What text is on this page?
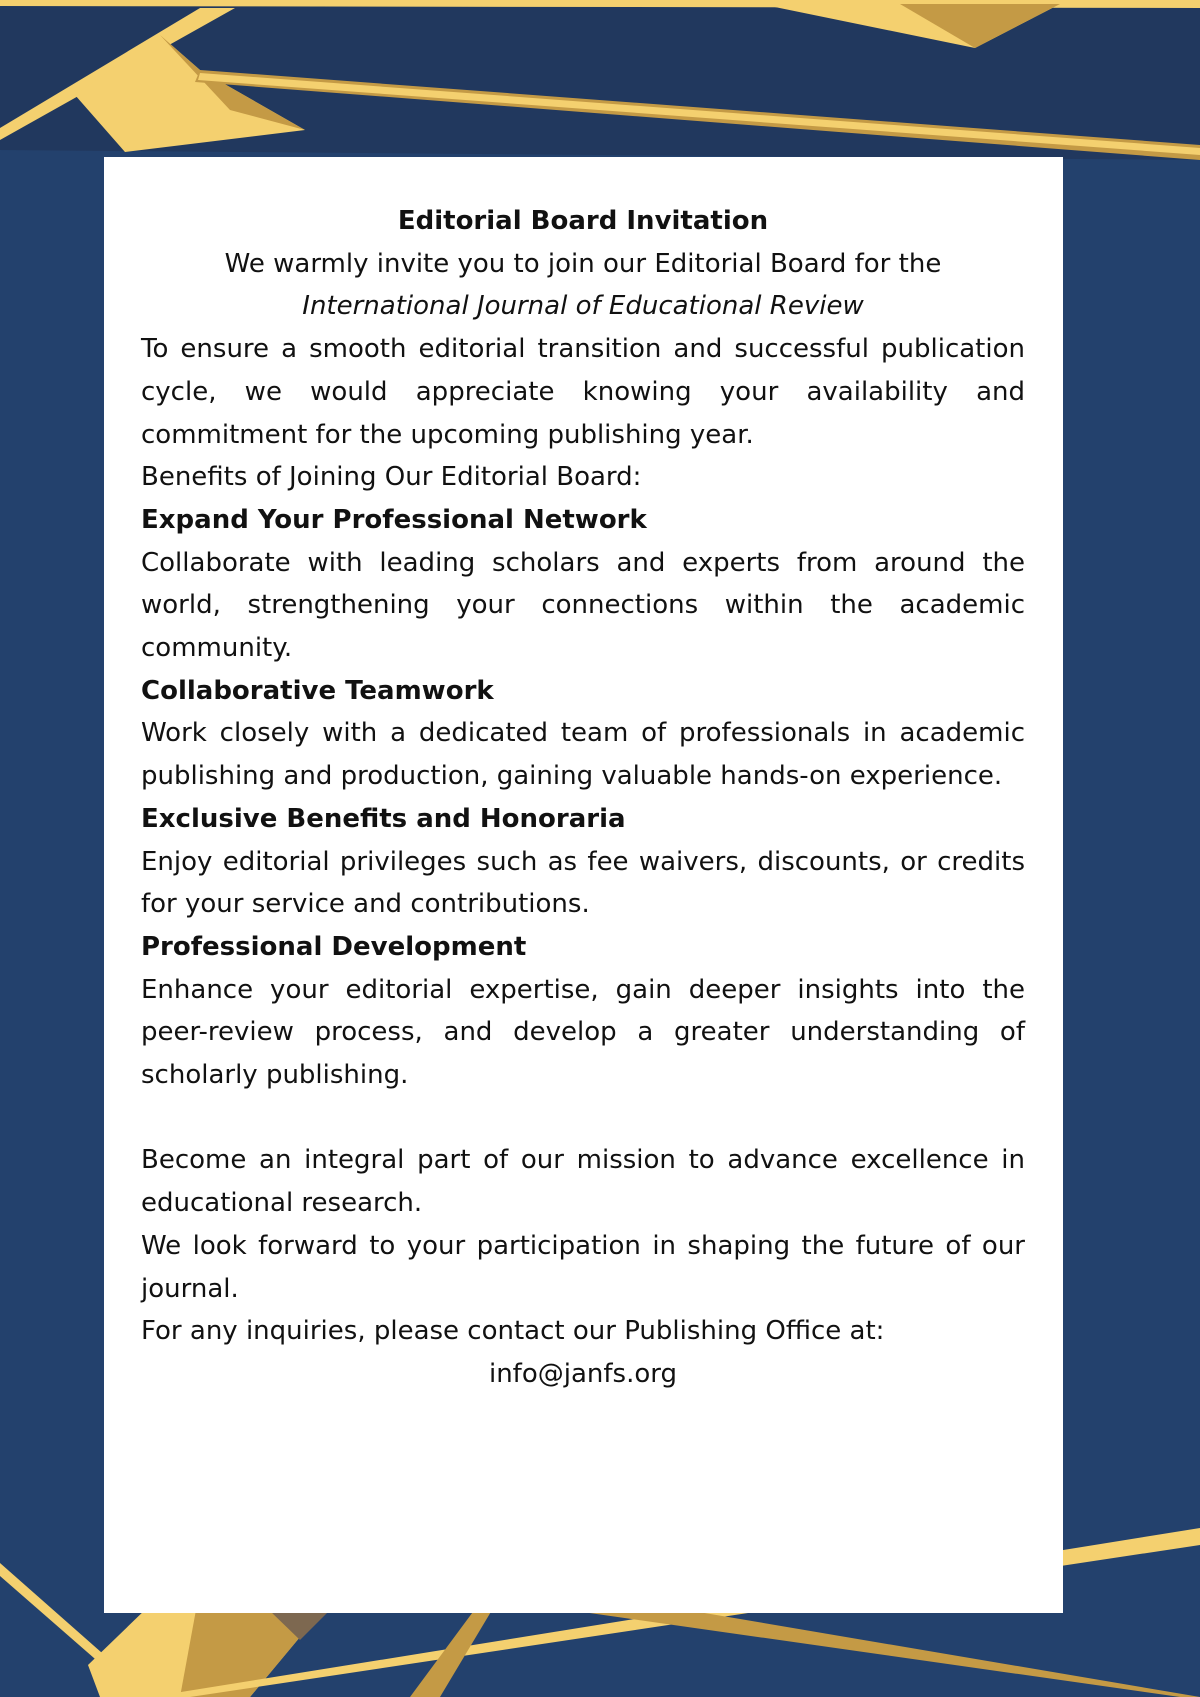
Editorial Board Invitation

We warmly invite you to join our Editorial Board for the

International Journal of Educational Review

To ensure a smooth editorial transition and successful publication cycle, we would appreciate knowing your availability and commitment for the upcoming publishing year.

Benefits of Joining Our Editorial Board:

Expand Your Professional Network

Collaborate with leading scholars and experts from around the world, strengthening your connections within the academic community.

Collaborative Teamwork

Work closely with a dedicated team of professionals in academic publishing and production, gaining valuable hands-on experience.

Exclusive Benefits and Honoraria

Enjoy editorial privileges such as fee waivers, discounts, or credits for your service and contributions.

Professional Development

Enhance your editorial expertise, gain deeper insights into the peer-review process, and develop a greater understanding of scholarly publishing.

Become an integral part of our mission to advance excellence in educational research.

We look forward to your participation in shaping the future of our journal.

For any inquiries, please contact our Publishing Office at:

info@janfs.org
